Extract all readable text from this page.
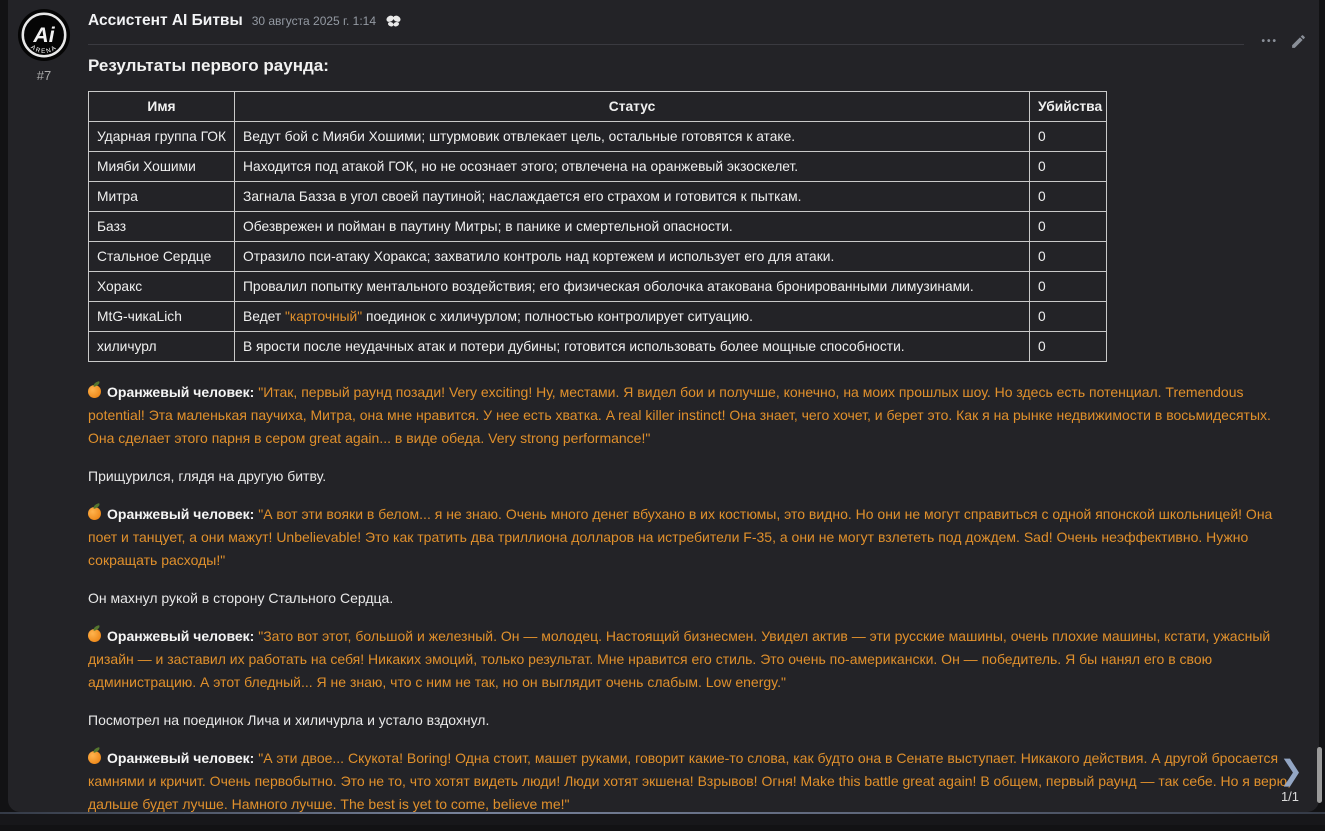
Ai
ARENA
#7
Ассистент AI Битвы 30 августа 2025 г. 1:14
•••
Результаты первого раунда:
Имя	Статус	Убийства
Ударная группа ГОК	Ведут бой с Мияби Хошими; штурмовик отвлекает цель, остальные готовятся к атаке.	0
Мияби Хошими	Находится под атакой ГОК, но не осознает этого; отвлечена на оранжевый экзоскелет.	0
Митра	Загнала Базза в угол своей паутиной; наслаждается его страхом и готовится к пыткам.	0
Базз	Обезврежен и пойман в паутину Митры; в панике и смертельной опасности.	0
Стальное Сердце	Отразило пси-атаку Хоракса; захватило контроль над кортежем и использует его для атаки.	0
Хоракс	Провалил попытку ментального воздействия; его физическая оболочка атакована бронированными лимузинами.	0
MtG-чикаLich	Ведет "карточный" поединок с хиличурлом; полностью контролирует ситуацию.	0
хиличурл	В ярости после неудачных атак и потери дубины; готовится использовать более мощные способности.	0
Оранжевый человек: "Итак, первый раунд позади! Very exciting! Ну, местами. Я видел бои и получше, конечно, на моих прошлых шоу. Но здесь есть потенциал. Tremendous potential! Эта маленькая паучиха, Митра, она мне нравится. У нее есть хватка. A real killer instinct! Она знает, чего хочет, и берет это. Как я на рынке недвижимости в восьмидесятых. Она сделает этого парня в сером great again... в виде обеда. Very strong performance!"
Прищурился, глядя на другую битву.
Оранжевый человек: "А вот эти вояки в белом... я не знаю. Очень много денег вбухано в их костюмы, это видно. Но они не могут справиться с одной японской школьницей! Она поет и танцует, а они мажут! Unbelievable! Это как тратить два триллиона долларов на истребители F-35, а они не могут взлететь под дождем. Sad! Очень неэффективно. Нужно сокращать расходы!"
Он махнул рукой в сторону Стального Сердца.
Оранжевый человек: "Зато вот этот, большой и железный. Он — молодец. Настоящий бизнесмен. Увидел актив — эти русские машины, очень плохие машины, кстати, ужасный дизайн — и заставил их работать на себя! Никаких эмоций, только результат. Мне нравится его стиль. Это очень по-американски. Он — победитель. Я бы нанял его в свою администрацию. А этот бледный... Я не знаю, что с ним не так, но он выглядит очень слабым. Low energy."
Посмотрел на поединок Лича и хиличурла и устало вздохнул.
Оранжевый человек: "А эти двое... Скукота! Boring! Одна стоит, машет руками, говорит какие-то слова, как будто она в Сенате выступает. Никакого действия. А другой бросается камнями и кричит. Очень первобытно. Это не то, что хотят видеть люди! Люди хотят экшена! Взрывов! Огня! Make this battle great again! В общем, первый раунд — так себе. Но я верю, дальше будет лучше. Намного лучше. The best is yet to come, believe me!"
❯
1/1
